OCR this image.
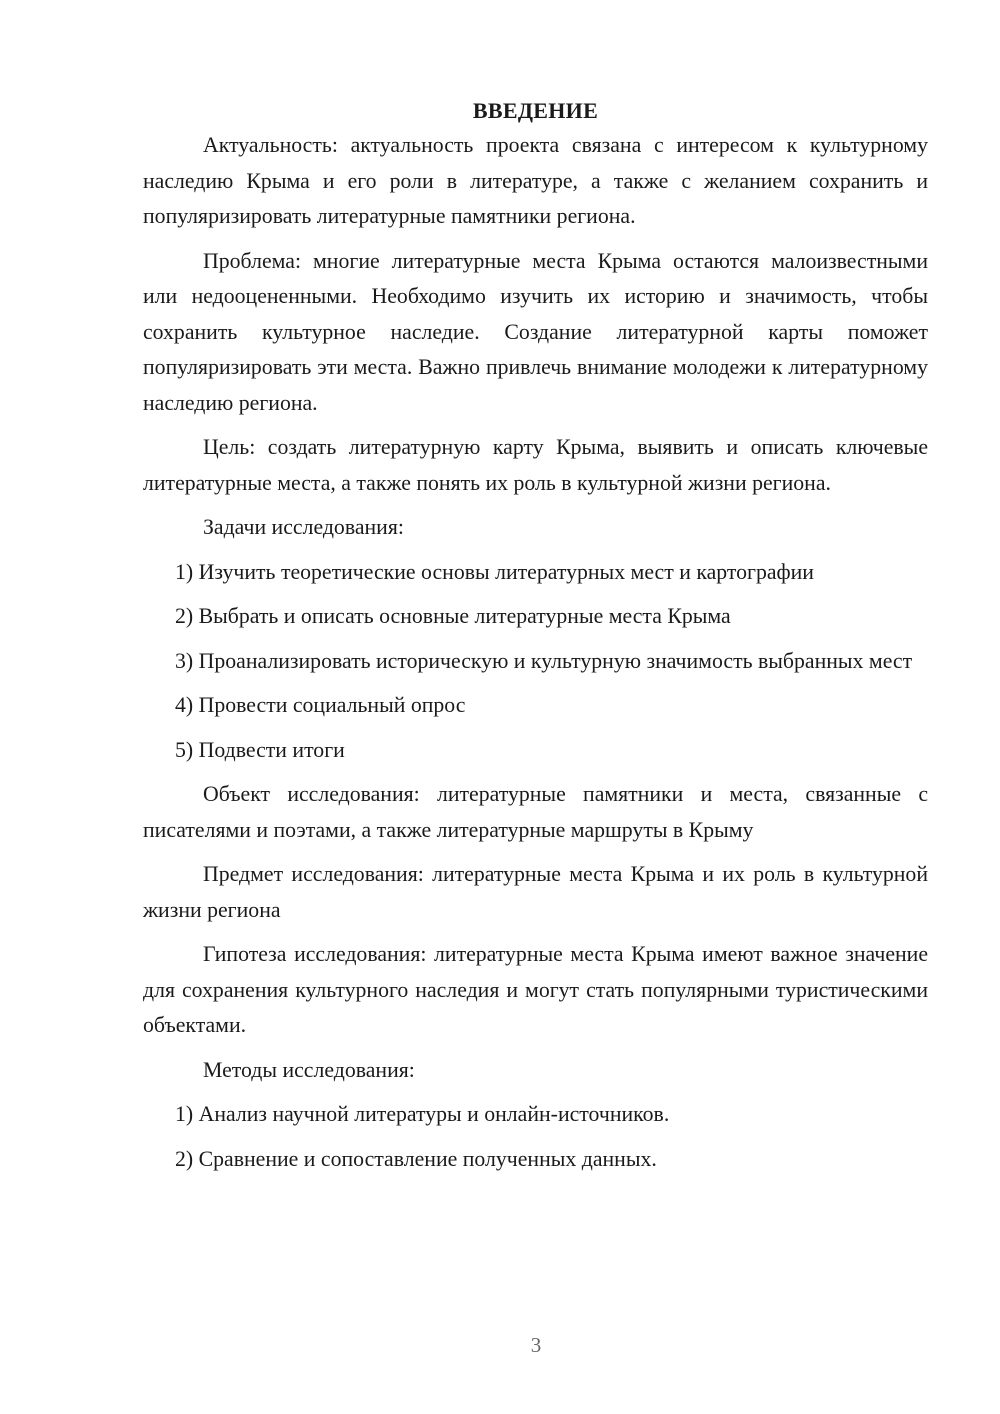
ВВЕДЕНИЕ

Актуальность: актуальность проекта связана с интересом к культурному наследию Крыма и его роли в литературе, а также с желанием сохранить и популяризировать литературные памятники региона.

Проблема: многие литературные места Крыма остаются малоизвестными или недооцененными. Необходимо изучить их историю и значимость, чтобы сохранить культурное наследие. Создание литературной карты поможет популяризировать эти места. Важно привлечь внимание молодежи к литературному наследию региона.

Цель: создать литературную карту Крыма, выявить и описать ключевые литературные места, а также понять их роль в культурной жизни региона.

Задачи исследования:

1) Изучить теоретические основы литературных мест и картографии

2) Выбрать и описать основные литературные места Крыма

3) Проанализировать историческую и культурную значимость выбранных мест

4) Провести социальный опрос

5) Подвести итоги

Объект исследования: литературные памятники и места, связанные с писателями и поэтами, а также литературные маршруты в Крыму

Предмет исследования: литературные места Крыма и их роль в культурной жизни региона

Гипотеза исследования: литературные места Крыма имеют важное значение для сохранения культурного наследия и могут стать популярными туристическими объектами.

Методы исследования:

1) Анализ научной литературы и онлайн-источников.

2) Сравнение и сопоставление полученных данных.

3
